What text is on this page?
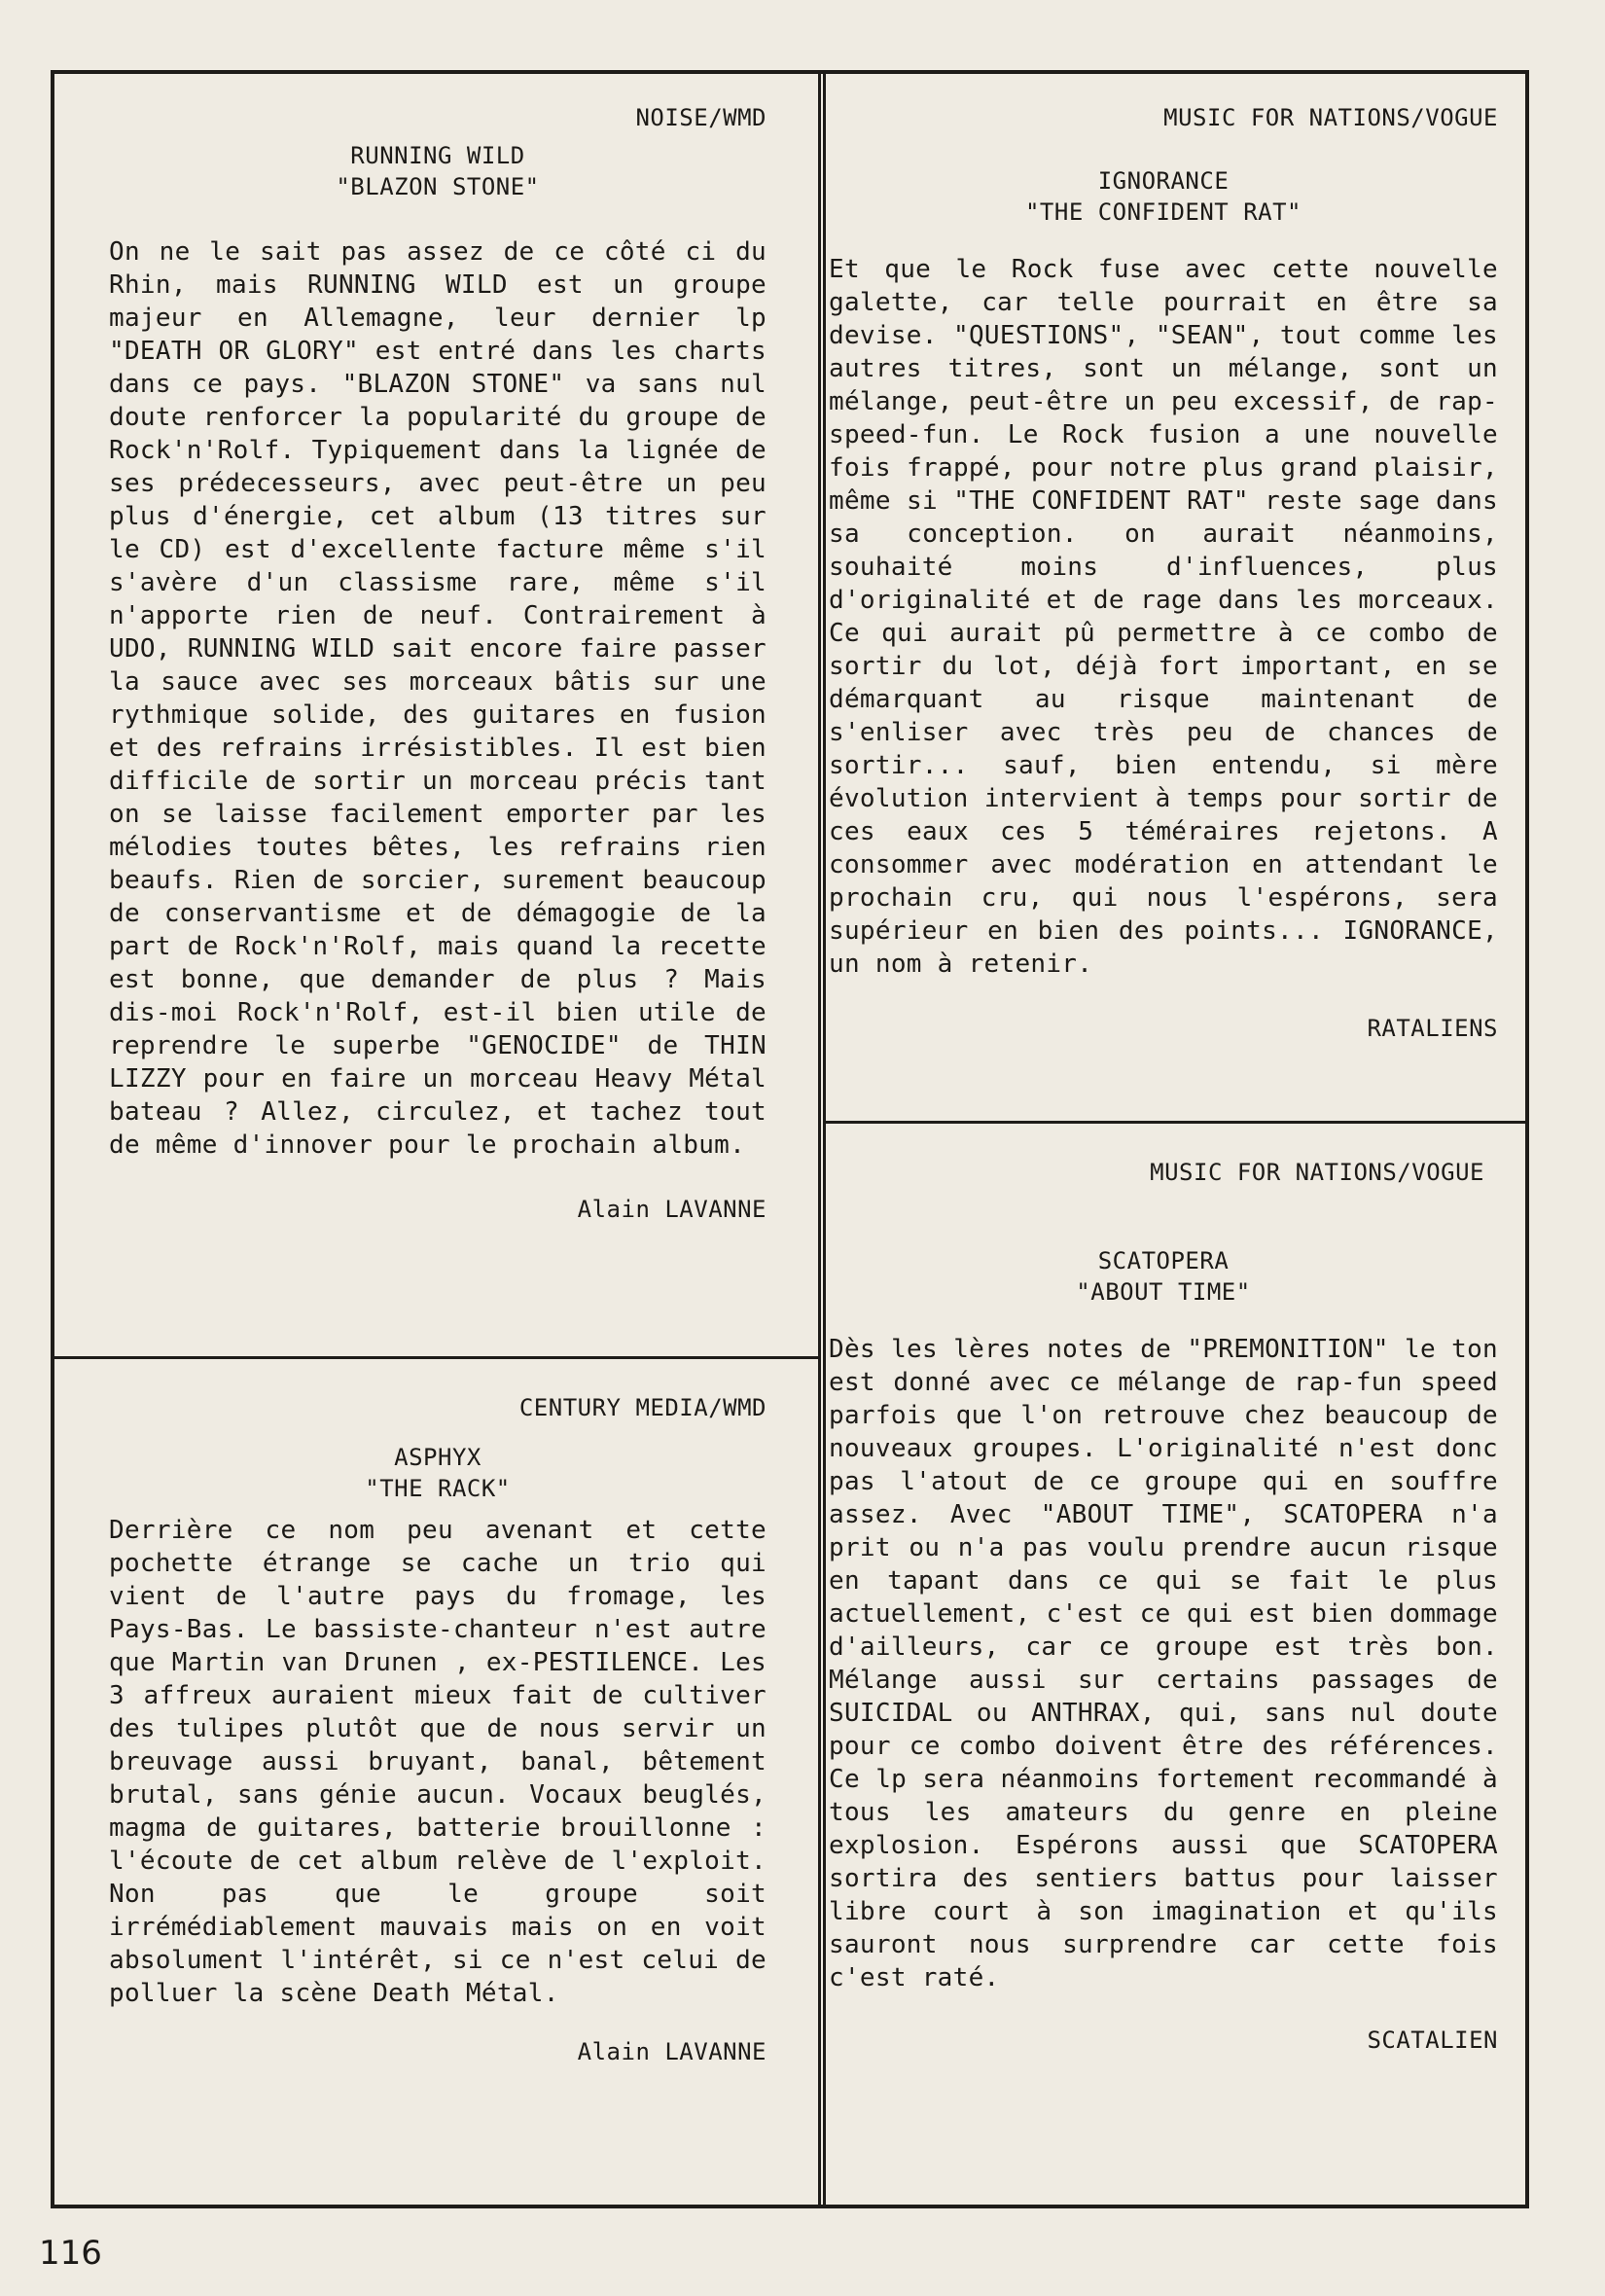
NOISE/WMD
RUNNING WILD
"BLAZON STONE"
On ne le sait pas assez de ce côté ci du Rhin, mais RUNNING WILD est un groupe majeur en Allemagne, leur dernier lp "DEATH OR GLORY" est entré dans les charts dans ce pays. "BLAZON STONE" va sans nul doute renforcer la popularité du groupe de Rock'n'Rolf. Typiquement dans la lignée de ses prédecesseurs, avec peut-être un peu plus d'énergie, cet album (13 titres sur le CD) est d'excellente facture même s'il s'avère d'un classisme rare, même s'il n'apporte rien de neuf. Contrairement à UDO, RUNNING WILD sait encore faire passer la sauce avec ses morceaux bâtis sur une rythmique solide, des guitares en fusion et des refrains irrésistibles. Il est bien difficile de sortir un morceau précis tant on se laisse facilement emporter par les mélodies toutes bêtes, les refrains rien beaufs. Rien de sorcier, surement beaucoup de conservantisme et de démagogie de la part de Rock'n'Rolf, mais quand la recette est bonne, que demander de plus ? Mais dis-moi Rock'n'Rolf, est-il bien utile de reprendre le superbe "GENOCIDE" de THIN LIZZY pour en faire un morceau Heavy Métal bateau ? Allez, circulez, et tachez tout de même d'innover pour le prochain album.
Alain LAVANNE
MUSIC FOR NATIONS/VOGUE
IGNORANCE
"THE CONFIDENT RAT"
Et que le Rock fuse avec cette nouvelle galette, car telle pourrait en être sa devise. "QUESTIONS", "SEAN", tout comme les autres titres, sont un mélange, sont un mélange, peut-être un peu excessif, de rap-speed-fun. Le Rock fusion a une nouvelle fois frappé, pour notre plus grand plaisir, même si "THE CONFIDENT RAT" reste sage dans sa conception. on aurait néanmoins, souhaité moins d'influences, plus d'originalité et de rage dans les morceaux. Ce qui aurait pû permettre à ce combo de sortir du lot, déjà fort important, en se démarquant au risque maintenant de s'enliser avec très peu de chances de sortir... sauf, bien entendu, si mère évolution intervient à temps pour sortir de ces eaux ces 5 téméraires rejetons. A consommer avec modération en attendant le prochain cru, qui nous l'espérons, sera supérieur en bien des points... IGNORANCE, un nom à retenir.
RATALIENS
CENTURY MEDIA/WMD
ASPHYX
"THE RACK"
Derrière ce nom peu avenant et cette pochette étrange se cache un trio qui vient de l'autre pays du fromage, les Pays-Bas. Le bassiste-chanteur n'est autre que Martin van Drunen , ex-PESTILENCE. Les 3 affreux auraient mieux fait de cultiver des tulipes plutôt que de nous servir un breuvage aussi bruyant, banal, bêtement brutal, sans génie aucun. Vocaux beuglés, magma de guitares, batterie brouillonne : l'écoute de cet album relève de l'exploit. Non pas que le groupe soit irrémédiablement mauvais mais on en voit absolument l'intérêt, si ce n'est celui de polluer la scène Death Métal.
Alain LAVANNE
MUSIC FOR NATIONS/VOGUE
SCATOPERA
"ABOUT TIME"
Dès les lères notes de "PREMONITION" le ton est donné avec ce mélange de rap-fun speed parfois que l'on retrouve chez beaucoup de nouveaux groupes. L'originalité n'est donc pas l'atout de ce groupe qui en souffre assez. Avec "ABOUT TIME", SCATOPERA n'a prit ou n'a pas voulu prendre aucun risque en tapant dans ce qui se fait le plus actuellement, c'est ce qui est bien dommage d'ailleurs, car ce groupe est très bon. Mélange aussi sur certains passages de SUICIDAL ou ANTHRAX, qui, sans nul doute pour ce combo doivent être des références. Ce lp sera néanmoins fortement recommandé à tous les amateurs du genre en pleine explosion. Espérons aussi que SCATOPERA sortira des sentiers battus pour laisser libre court à son imagination et qu'ils sauront nous surprendre car cette fois c'est raté.
SCATALIEN
116
